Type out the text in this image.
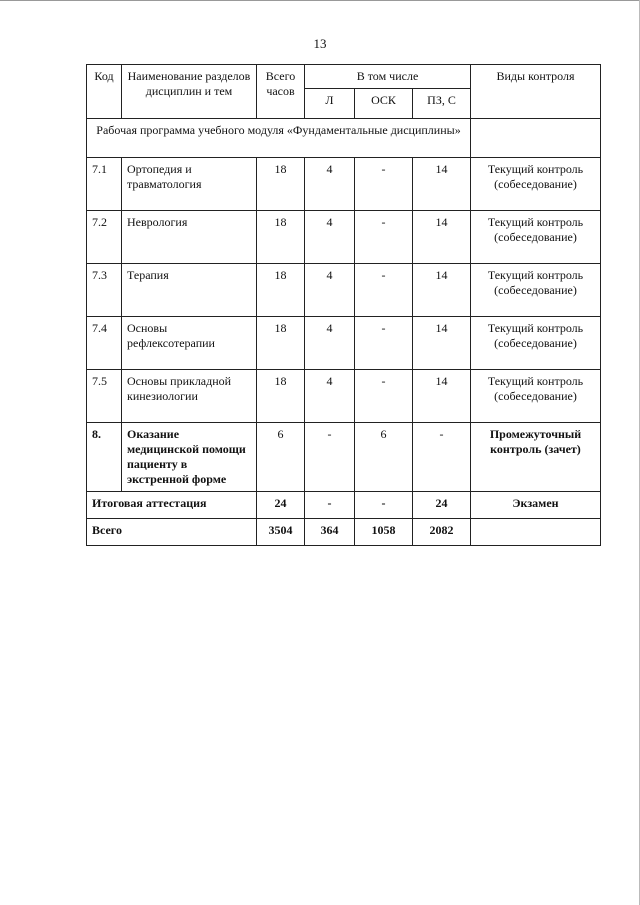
13
Код	Наименование разделов дисциплин и тем	Всего часов	В том числе			Виды контроля
			Л	ОСК	ПЗ, С	
Рабочая программа учебного модуля «Фундаментальные дисциплины»						
7.1	Ортопедия и травматология	18	4	-	14	Текущий контроль (собеседование)
7.2	Неврология	18	4	-	14	Текущий контроль (собеседование)
7.3	Терапия	18	4	-	14	Текущий контроль (собеседование)
7.4	Основы рефлексотерапии	18	4	-	14	Текущий контроль (собеседование)
7.5	Основы прикладной кинезиологии	18	4	-	14	Текущий контроль (собеседование)
8.	Оказание медицинской помощи пациенту в экстренной форме	6	-	6	-	Промежуточный контроль (зачет)
Итоговая аттестация		24	-	-	24	Экзамен
Всего		3504	364	1058	2082	
